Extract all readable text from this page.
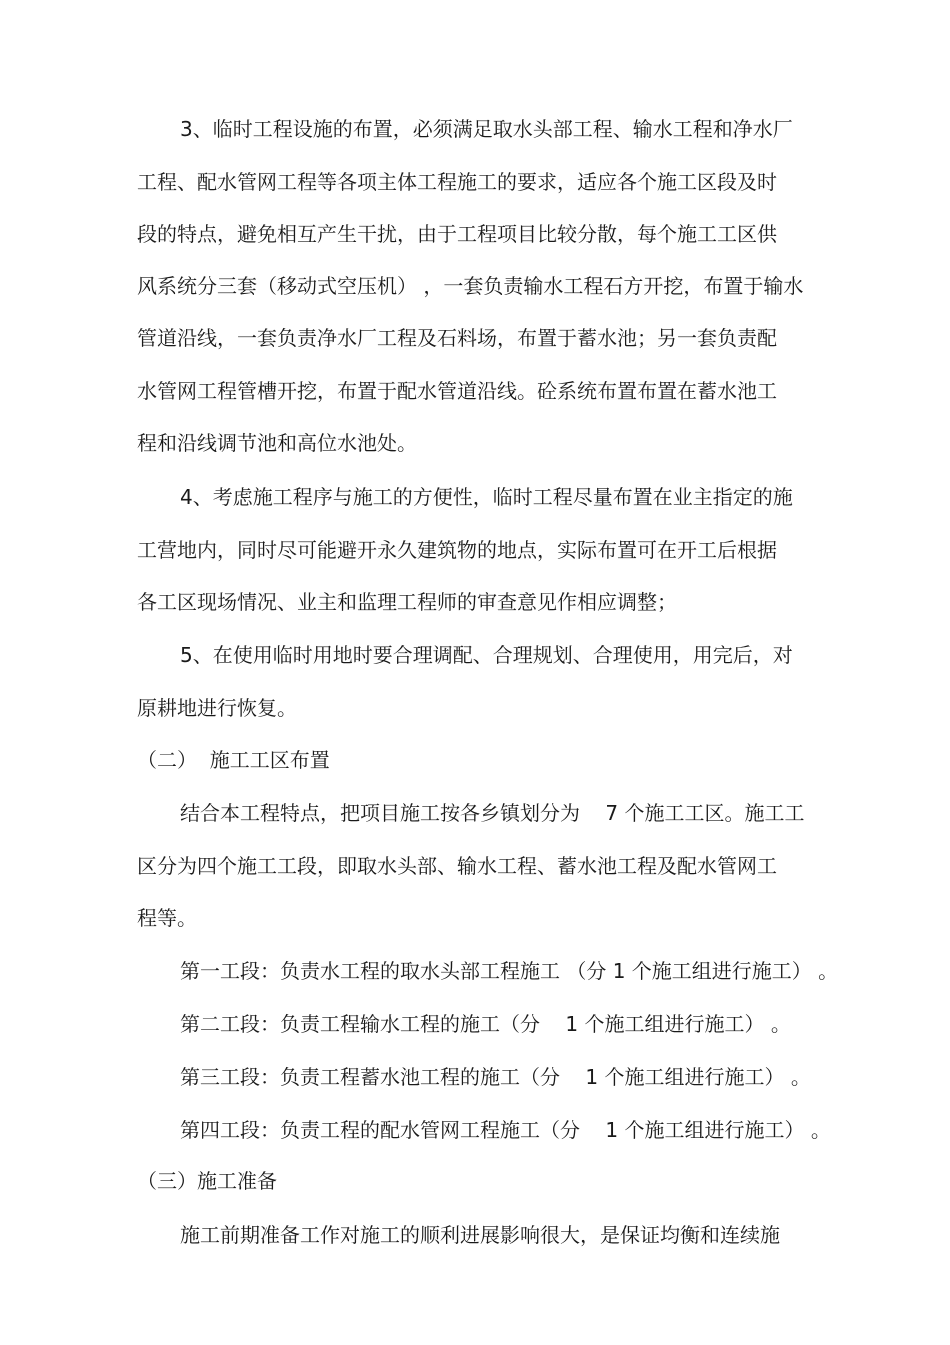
3、临时工程设施的布置，必须满足取水头部工程、输水工程和净水厂
工程、配水管网工程等各项主体工程施工的要求，适应各个施工区段及时
段的特点，避免相互产生干扰，由于工程项目比较分散，每个施工工区供
风系统分三套（移动式空压机） ，一套负责输水工程石方开挖，布置于输水
管道沿线，一套负责净水厂工程及石料场，布置于蓄水池；另一套负责配
水管网工程管槽开挖，布置于配水管道沿线。砼系统布置布置在蓄水池工
程和沿线调节池和高位水池处。
4、考虑施工程序与施工的方便性，临时工程尽量布置在业主指定的施
工营地内，同时尽可能避开永久建筑物的地点，实际布置可在开工后根据
各工区现场情况、业主和监理工程师的审查意见作相应调整；
5、在使用临时用地时要合理调配、合理规划、合理使用，用完后，对
原耕地进行恢复。
（二）  施工工区布置
结合本工程特点，把项目施工按各乡镇划分为    7 个施工工区。施工工
区分为四个施工工段，即取水头部、输水工程、蓄水池工程及配水管网工
程等。
第一工段：负责水工程的取水头部工程施工 （分 1 个施工组进行施工） 。
第二工段：负责工程输水工程的施工（分    1 个施工组进行施工） 。
第三工段：负责工程蓄水池工程的施工（分    1 个施工组进行施工） 。
第四工段：负责工程的配水管网工程施工（分    1 个施工组进行施工） 。
（三）施工准备
施工前期准备工作对施工的顺利进展影响很大，是保证均衡和连续施
